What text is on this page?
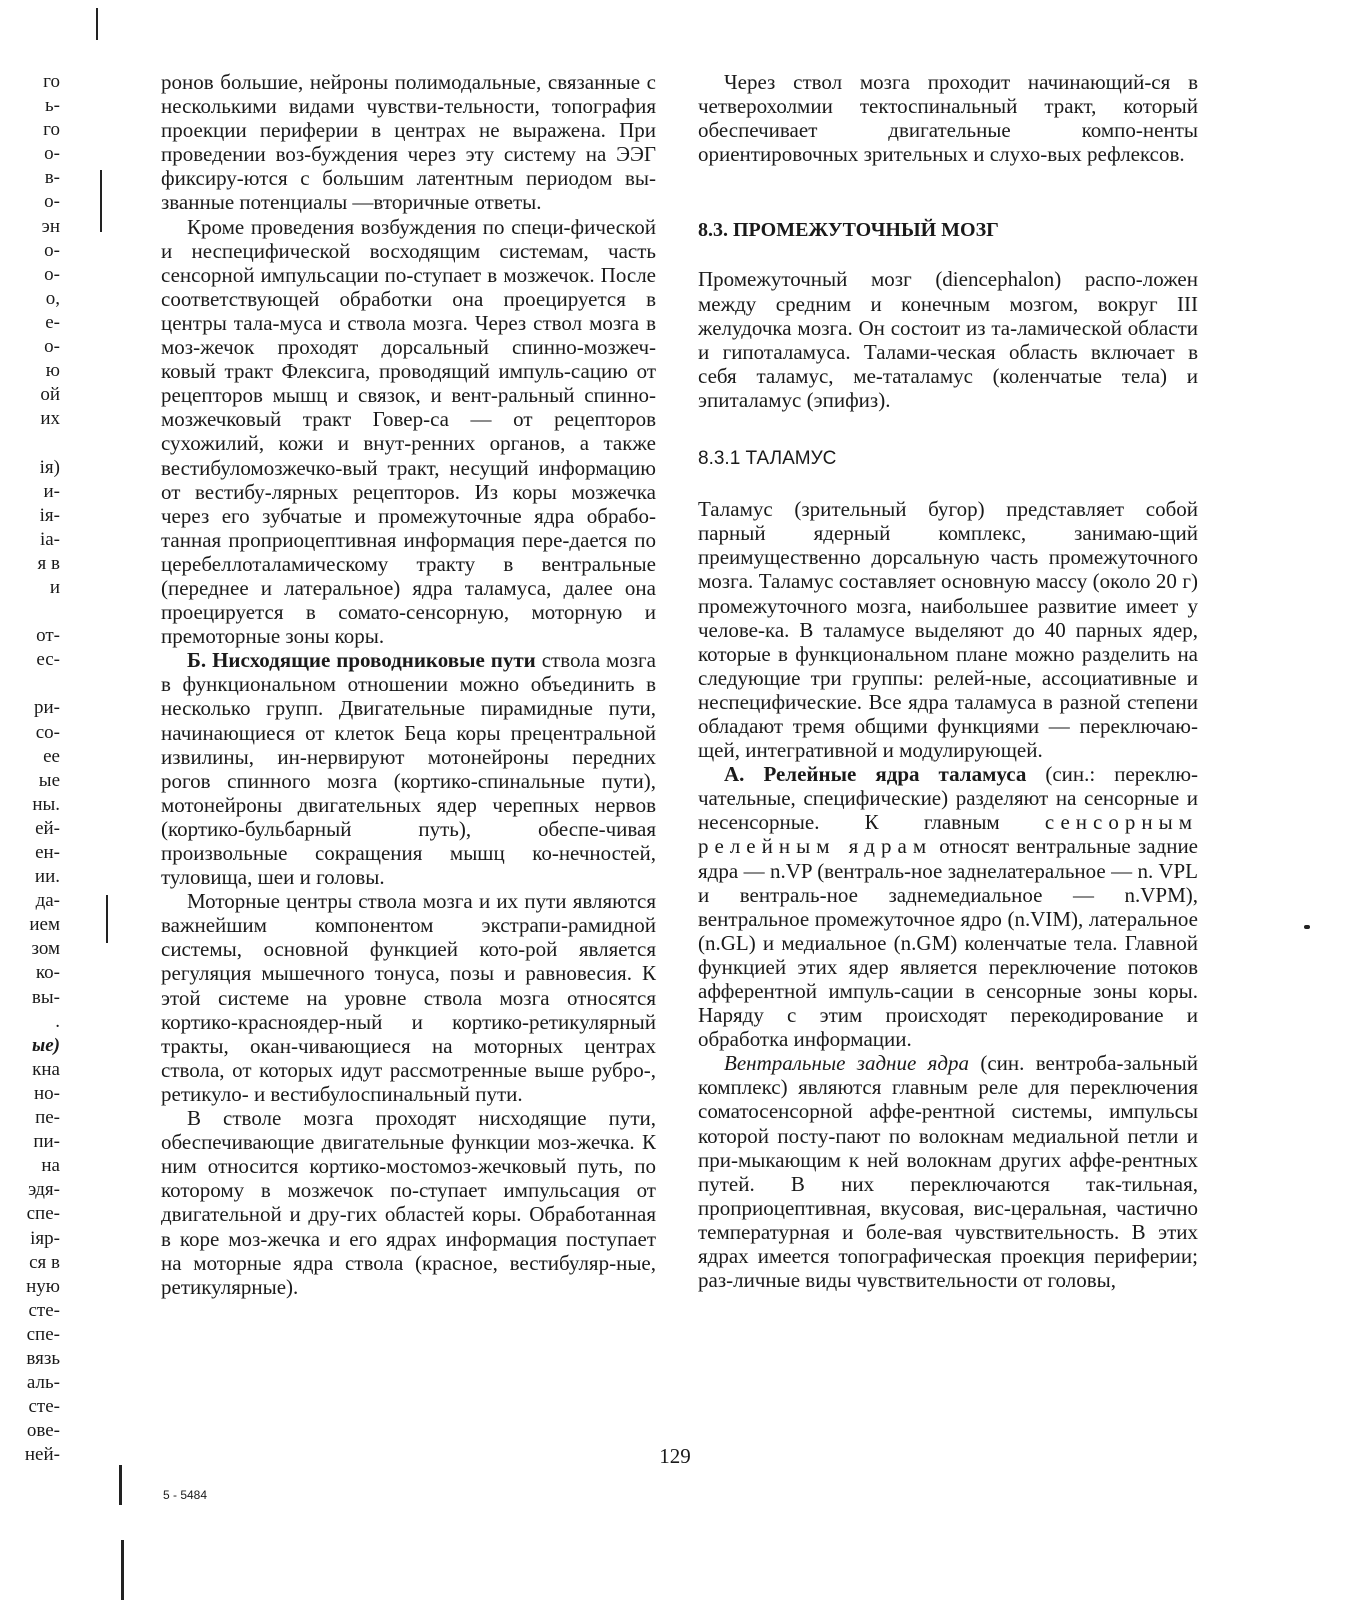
го
ь-
го
о-
в-
о-
эн
о-
о-
о,
е-
о-
ю
ой
их

ія)
и-
ія-
іа-
я в
и

от-
ес-

ри-
со-
ее
ые
ны.
ей-
ен-
ии.
да-
ием
зом
ко-
вы-
.
ые)
кна
но-
пе-
пи-
на
эдя-
спе-
іяр-
ся в
ную
сте-
спе-
вязь
аль-
сте-
ове-
ней-

ронов большие, нейроны полимодальные, связанные с несколькими видами чувстви-тельности, топография проекции периферии в центрах не выражена. При проведении воз-буждения через эту систему на ЭЭГ фиксиру-ются с большим латентным периодом вы-званные потенциалы —вторичные ответы.

Кроме проведения возбуждения по специ-фической и неспецифической восходящим системам, часть сенсорной импульсации по-ступает в мозжечок. После соответствующей обработки она проецируется в центры тала-муса и ствола мозга. Через ствол мозга в моз-жечок проходят дорсальный спинно-мозжеч-ковый тракт Флексига, проводящий импуль-сацию от рецепторов мышц и связок, и вент-ральный спинно-мозжечковый тракт Говер-са — от рецепторов сухожилий, кожи и внут-ренних органов, а также вестибуломозжечко-вый тракт, несущий информацию от вестибу-лярных рецепторов. Из коры мозжечка через его зубчатые и промежуточные ядра обрабо-танная проприоцептивная информация пере-дается по церебеллоталамическому тракту в вентральные (переднее и латеральное) ядра таламуса, далее она проецируется в сомато-сенсорную, моторную и премоторные зоны коры.

Б. Нисходящие проводниковые пути ствола мозга в функциональном отношении можно объединить в несколько групп. Двигательные пирамидные пути, начинающиеся от клеток Беца коры прецентральной извилины, ин-нервируют мотонейроны передних рогов спинного мозга (кортико-спинальные пути), мотонейроны двигательных ядер черепных нервов (кортико-бульбарный путь), обеспе-чивая произвольные сокращения мышц ко-нечностей, туловища, шеи и головы.

Моторные центры ствола мозга и их пути являются важнейшим компонентом экстрапи-рамидной системы, основной функцией кото-рой является регуляция мышечного тонуса, позы и равновесия. К этой системе на уровне ствола мозга относятся кортико-красноядер-ный и кортико-ретикулярный тракты, окан-чивающиеся на моторных центрах ствола, от которых идут рассмотренные выше рубро-, ретикуло- и вестибулоспинальный пути.

В стволе мозга проходят нисходящие пути, обеспечивающие двигательные функции моз-жечка. К ним относится кортико-мостомоз-жечковый путь, по которому в мозжечок по-ступает импульсация от двигательной и дру-гих областей коры. Обработанная в коре моз-жечка и его ядрах информация поступает на моторные ядра ствола (красное, вестибуляр-ные, ретикулярные).

Через ствол мозга проходит начинающий-ся в четверохолмии тектоспинальный тракт, который обеспечивает двигательные компо-ненты ориентировочных зрительных и слухо-вых рефлексов.

8.3. ПРОМЕЖУТОЧНЫЙ МОЗГ

Промежуточный мозг (diencephalon) распо-ложен между средним и конечным мозгом, вокруг III желудочка мозга. Он состоит из та-ламической области и гипоталамуса. Талами-ческая область включает в себя таламус, ме-таталамус (коленчатые тела) и эпиталамус (эпифиз).

8.3.1 ТАЛАМУС

Таламус (зрительный бугор) представляет собой парный ядерный комплекс, занимаю-щий преимущественно дорсальную часть промежуточного мозга. Таламус составляет основную массу (около 20 г) промежуточного мозга, наибольшее развитие имеет у челове-ка. В таламусе выделяют до 40 парных ядер, которые в функциональном плане можно разделить на следующие три группы: релей-ные, ассоциативные и неспецифические. Все ядра таламуса в разной степени обладают тремя общими функциями — переключаю-щей, интегративной и модулирующей.

А. Релейные ядра таламуса (син.: переклю-чательные, специфические) разделяют на сенсорные и несенсорные. К главным сенсорным релейным ядрам относят вентральные задние ядра — n.VP (вентраль-ное заднелатеральное — n. VPL и вентраль-ное заднемедиальное — n.VPM), вентральное промежуточное ядро (n.VIM), латеральное (n.GL) и медиальное (n.GM) коленчатые тела. Главной функцией этих ядер является переключение потоков афферентной импуль-сации в сенсорные зоны коры. Наряду с этим происходят перекодирование и обработка информации.

Вентральные задние ядра (син. вентроба-зальный комплекс) являются главным реле для переключения соматосенсорной аффе-рентной системы, импульсы которой посту-пают по волокнам медиальной петли и при-мыкающим к ней волокнам других аффе-рентных путей. В них переключаются так-тильная, проприоцептивная, вкусовая, вис-церальная, частично температурная и боле-вая чувствительность. В этих ядрах имеется топографическая проекция периферии; раз-личные виды чувствительности от головы,

129
5 - 5484
